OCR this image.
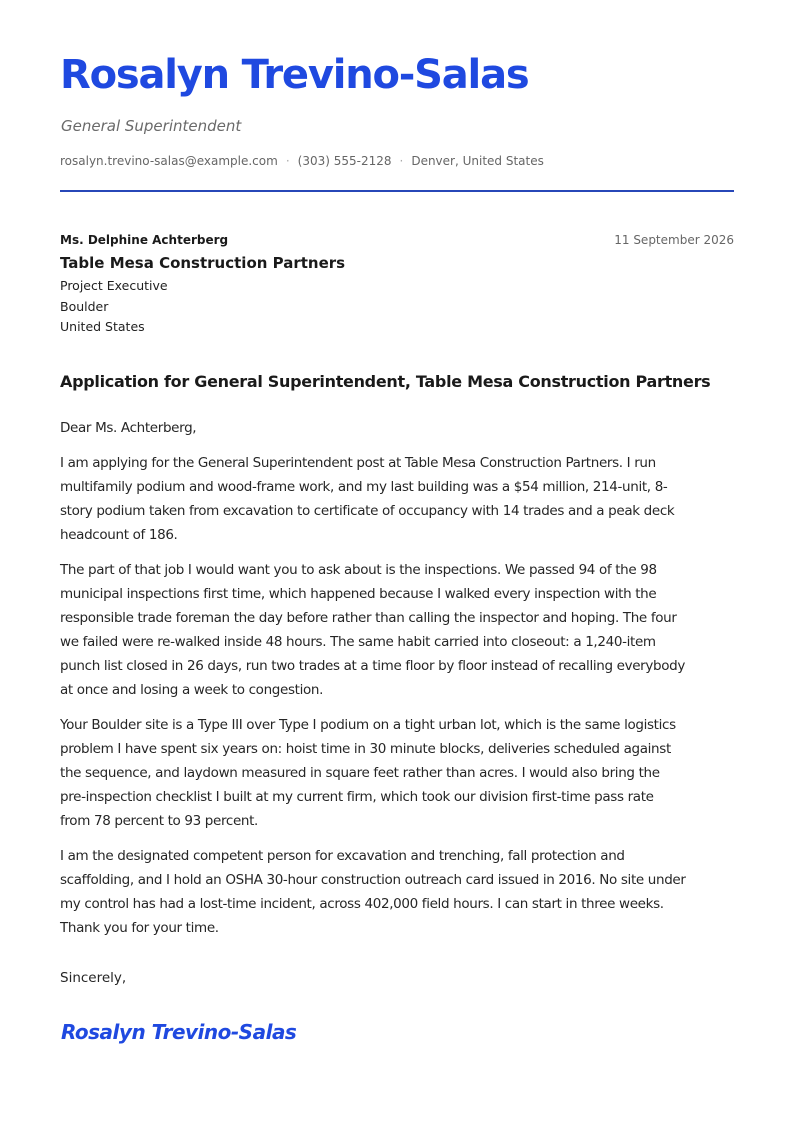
Rosalyn Trevino-Salas
General Superintendent
rosalyn.trevino-salas@example.com · (303) 555-2128 · Denver, United States
Ms. Delphine Achterberg	11 September 2026
Table Mesa Construction Partners
Project Executive
Boulder
United States
Application for General Superintendent, Table Mesa Construction Partners

Dear Ms. Achterberg,

I am applying for the General Superintendent post at Table Mesa Construction Partners. I run
multifamily podium and wood-frame work, and my last building was a $54 million, 214-unit, 8-
story podium taken from excavation to certificate of occupancy with 14 trades and a peak deck
headcount of 186.

The part of that job I would want you to ask about is the inspections. We passed 94 of the 98
municipal inspections first time, which happened because I walked every inspection with the
responsible trade foreman the day before rather than calling the inspector and hoping. The four
we failed were re-walked inside 48 hours. The same habit carried into closeout: a 1,240-item
punch list closed in 26 days, run two trades at a time floor by floor instead of recalling everybody
at once and losing a week to congestion.

Your Boulder site is a Type III over Type I podium on a tight urban lot, which is the same logistics
problem I have spent six years on: hoist time in 30 minute blocks, deliveries scheduled against
the sequence, and laydown measured in square feet rather than acres. I would also bring the
pre-inspection checklist I built at my current firm, which took our division first-time pass rate
from 78 percent to 93 percent.

I am the designated competent person for excavation and trenching, fall protection and
scaffolding, and I hold an OSHA 30-hour construction outreach card issued in 2016. No site under
my control has had a lost-time incident, across 402,000 field hours. I can start in three weeks.
Thank you for your time.

Sincerely,
Rosalyn Trevino-Salas
